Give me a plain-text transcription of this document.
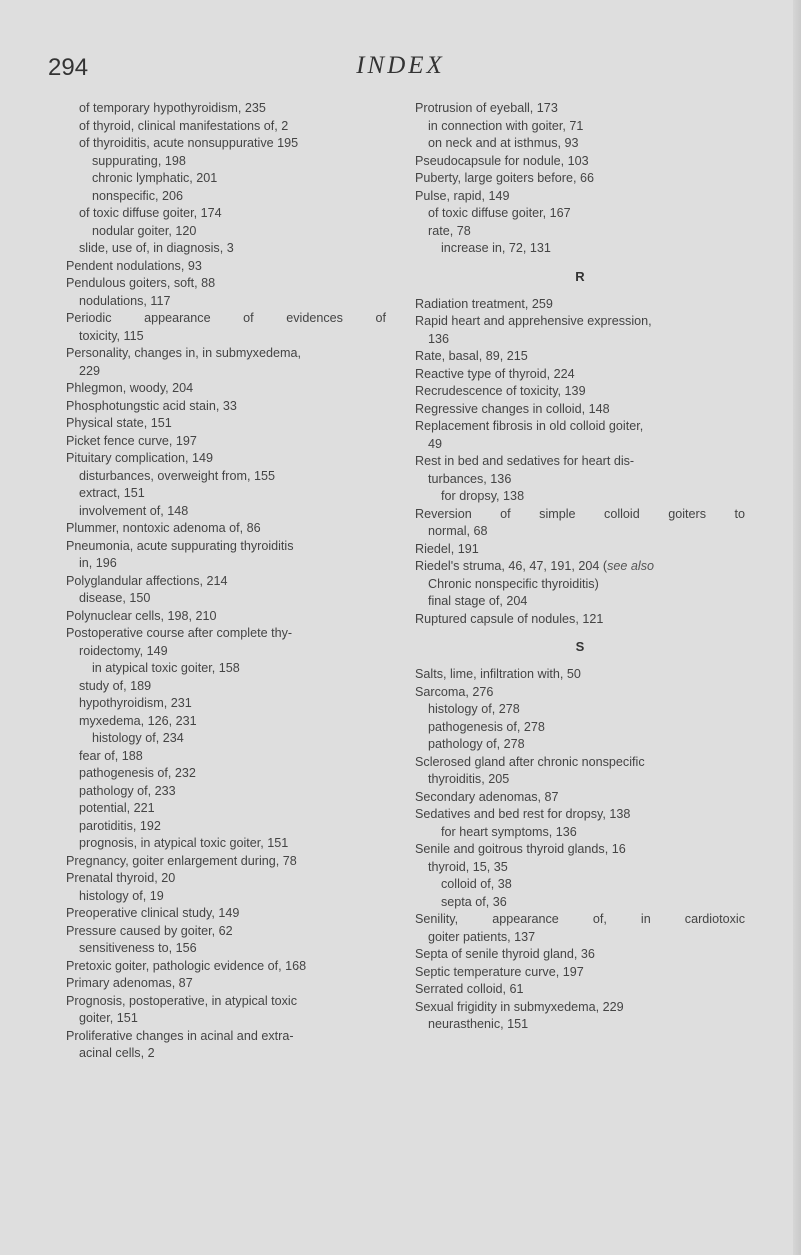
294	INDEX
of temporary hypothyroidism, 235
of thyroid, clinical manifestations of, 2
of thyroiditis, acute nonsuppurative 195
suppurating, 198
chronic lymphatic, 201
nonspecific, 206
of toxic diffuse goiter, 174
nodular goiter, 120
slide, use of, in diagnosis, 3
Pendent nodulations, 93
Pendulous goiters, soft, 88
nodulations, 117
Periodic appearance of evidences of
toxicity, 115
Personality, changes in, in submyxedema,
229
Phlegmon, woody, 204
Phosphotungstic acid stain, 33
Physical state, 151
Picket fence curve, 197
Pituitary complication, 149
disturbances, overweight from, 155
extract, 151
involvement of, 148
Plummer, nontoxic adenoma of, 86
Pneumonia, acute suppurating thyroiditis
in, 196
Polyglandular affections, 214
disease, 150
Polynuclear cells, 198, 210
Postoperative course after complete thy-
roidectomy, 149
in atypical toxic goiter, 158
study of, 189
hypothyroidism, 231
myxedema, 126, 231
histology of, 234
fear of, 188
pathogenesis of, 232
pathology of, 233
potential, 221
parotiditis, 192
prognosis, in atypical toxic goiter, 151
Pregnancy, goiter enlargement during, 78
Prenatal thyroid, 20
histology of, 19
Preoperative clinical study, 149
Pressure caused by goiter, 62
sensitiveness to, 156
Pretoxic goiter, pathologic evidence of, 168
Primary adenomas, 87
Prognosis, postoperative, in atypical toxic
goiter, 151
Proliferative changes in acinal and extra-
acinal cells, 2
Protrusion of eyeball, 173
in connection with goiter, 71
on neck and at isthmus, 93
Pseudocapsule for nodule, 103
Puberty, large goiters before, 66
Pulse, rapid, 149
of toxic diffuse goiter, 167
rate, 78
increase in, 72, 131
R
Radiation treatment, 259
Rapid heart and apprehensive expression,
136
Rate, basal, 89, 215
Reactive type of thyroid, 224
Recrudescence of toxicity, 139
Regressive changes in colloid, 148
Replacement fibrosis in old colloid goiter,
49
Rest in bed and sedatives for heart dis-
turbances, 136
for dropsy, 138
Reversion of simple colloid goiters to
normal, 68
Riedel, 191
Riedel's struma, 46, 47, 191, 204 (see also
Chronic nonspecific thyroiditis)
final stage of, 204
Ruptured capsule of nodules, 121
S
Salts, lime, infiltration with, 50
Sarcoma, 276
histology of, 278
pathogenesis of, 278
pathology of, 278
Sclerosed gland after chronic nonspecific
thyroiditis, 205
Secondary adenomas, 87
Sedatives and bed rest for dropsy, 138
for heart symptoms, 136
Senile and goitrous thyroid glands, 16
thyroid, 15, 35
colloid of, 38
septa of, 36
Senility, appearance of, in cardiotoxic
goiter patients, 137
Septa of senile thyroid gland, 36
Septic temperature curve, 197
Serrated colloid, 61
Sexual frigidity in submyxedema, 229
neurasthenic, 151
